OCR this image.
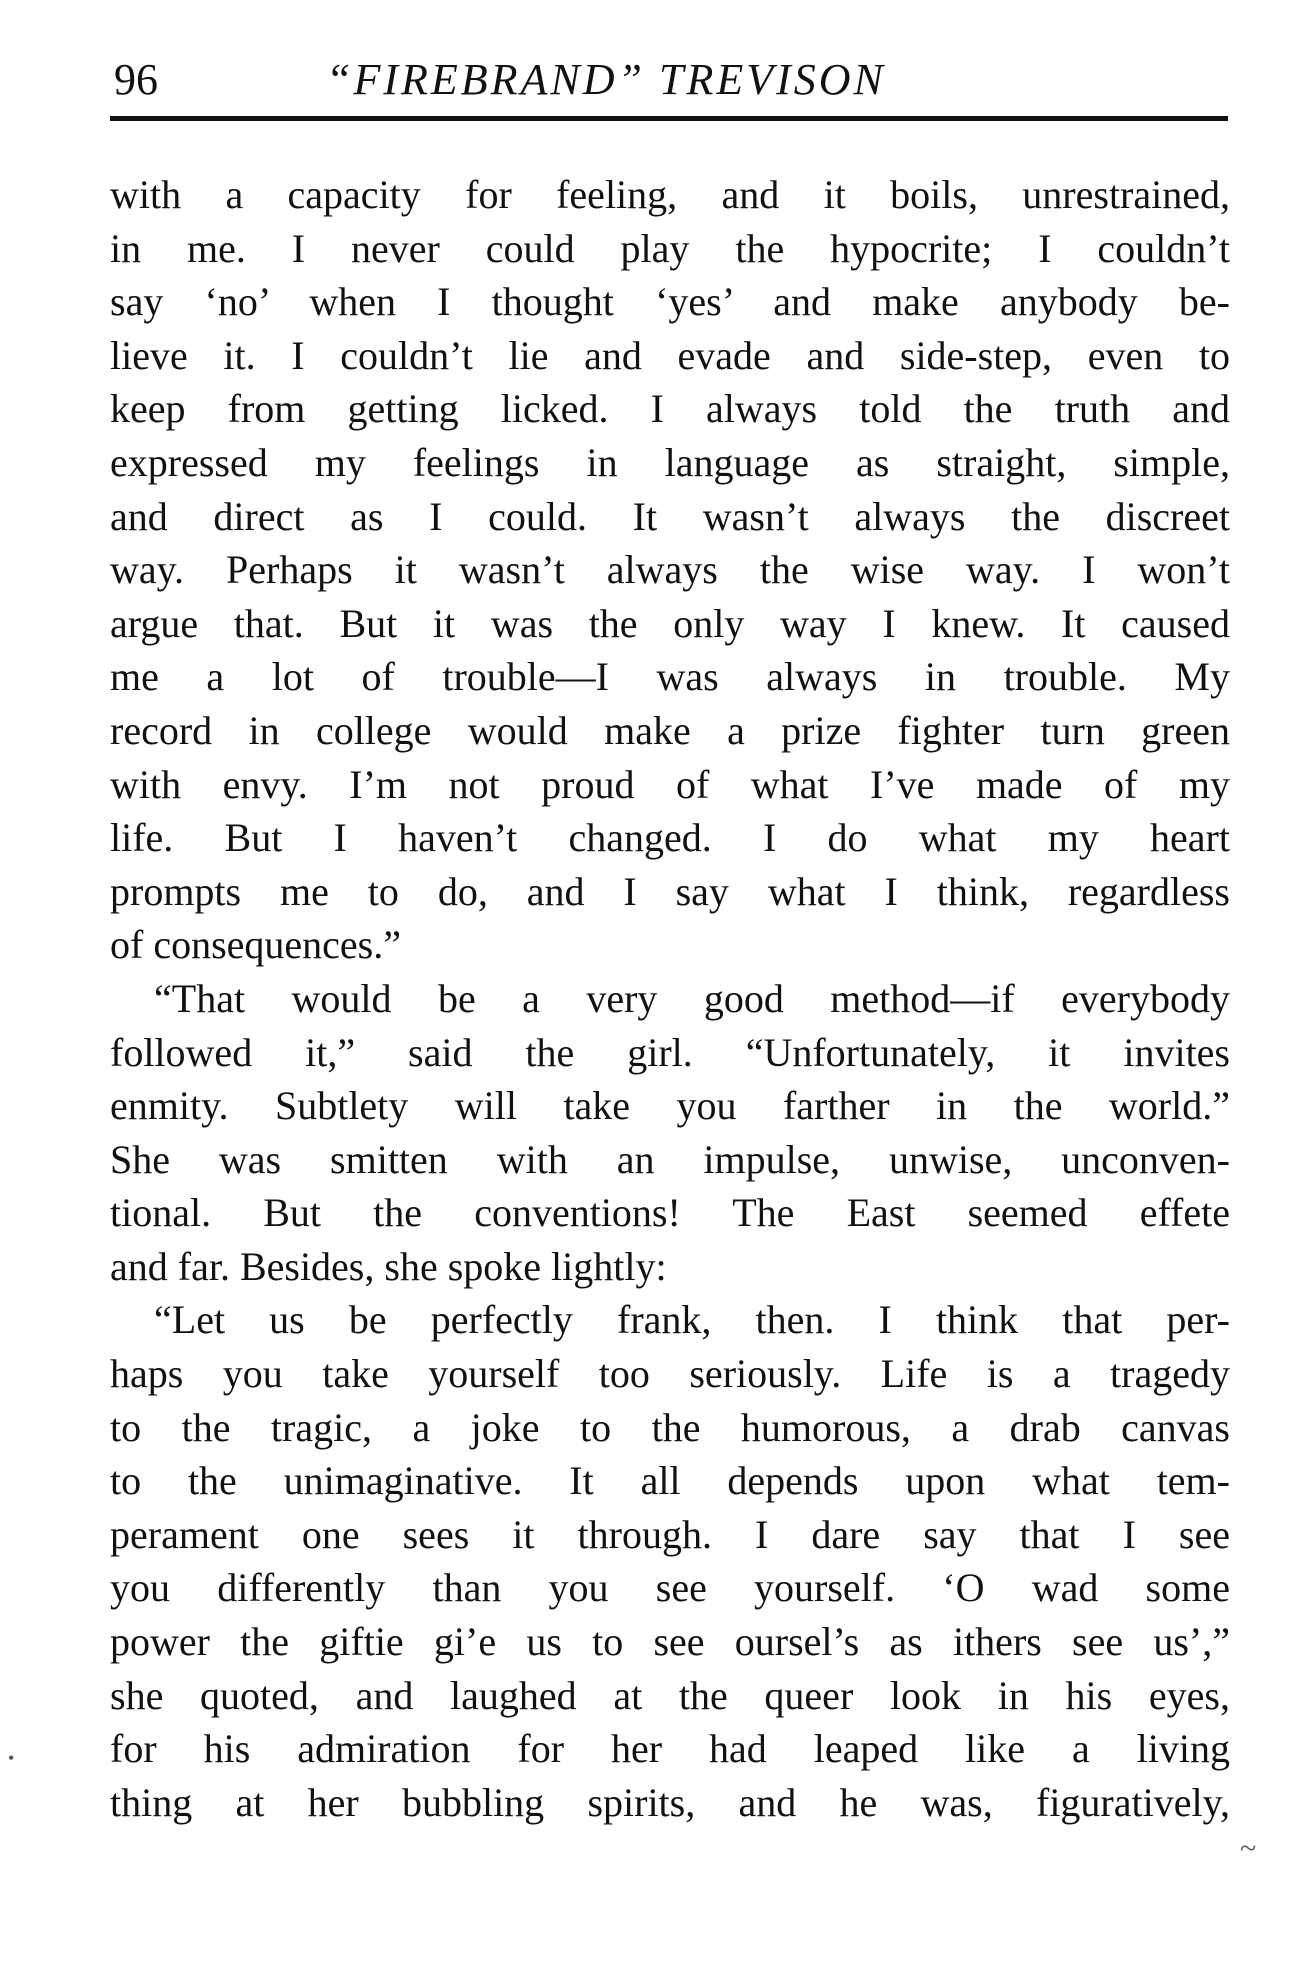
96	“FIREBRAND” TREVISON
with a capacity for feeling, and it boils, unrestrained,
in me. I never could play the hypocrite; I couldn’t
say ‘no’ when I thought ‘yes’ and make anybody be-
lieve it. I couldn’t lie and evade and side-step, even to
keep from getting licked. I always told the truth and
expressed my feelings in language as straight, simple,
and direct as I could. It wasn’t always the discreet
way. Perhaps it wasn’t always the wise way. I won’t
argue that. But it was the only way I knew. It caused
me a lot of trouble—I was always in trouble. My
record in college would make a prize fighter turn green
with envy. I’m not proud of what I’ve made of my
life. But I haven’t changed. I do what my heart
prompts me to do, and I say what I think, regardless
of consequences.”
“That would be a very good method—if everybody
followed it,” said the girl. “Unfortunately, it invites
enmity. Subtlety will take you farther in the world.”
She was smitten with an impulse, unwise, unconven-
tional. But the conventions! The East seemed effete
and far. Besides, she spoke lightly:
“Let us be perfectly frank, then. I think that per-
haps you take yourself too seriously. Life is a tragedy
to the tragic, a joke to the humorous, a drab canvas
to the unimaginative. It all depends upon what tem-
perament one sees it through. I dare say that I see
you differently than you see yourself. ‘O wad some
power the giftie gi’e us to see oursel’s as ithers see us’,”
she quoted, and laughed at the queer look in his eyes,
for his admiration for her had leaped like a living
thing at her bubbling spirits, and he was, figuratively,
•
~
